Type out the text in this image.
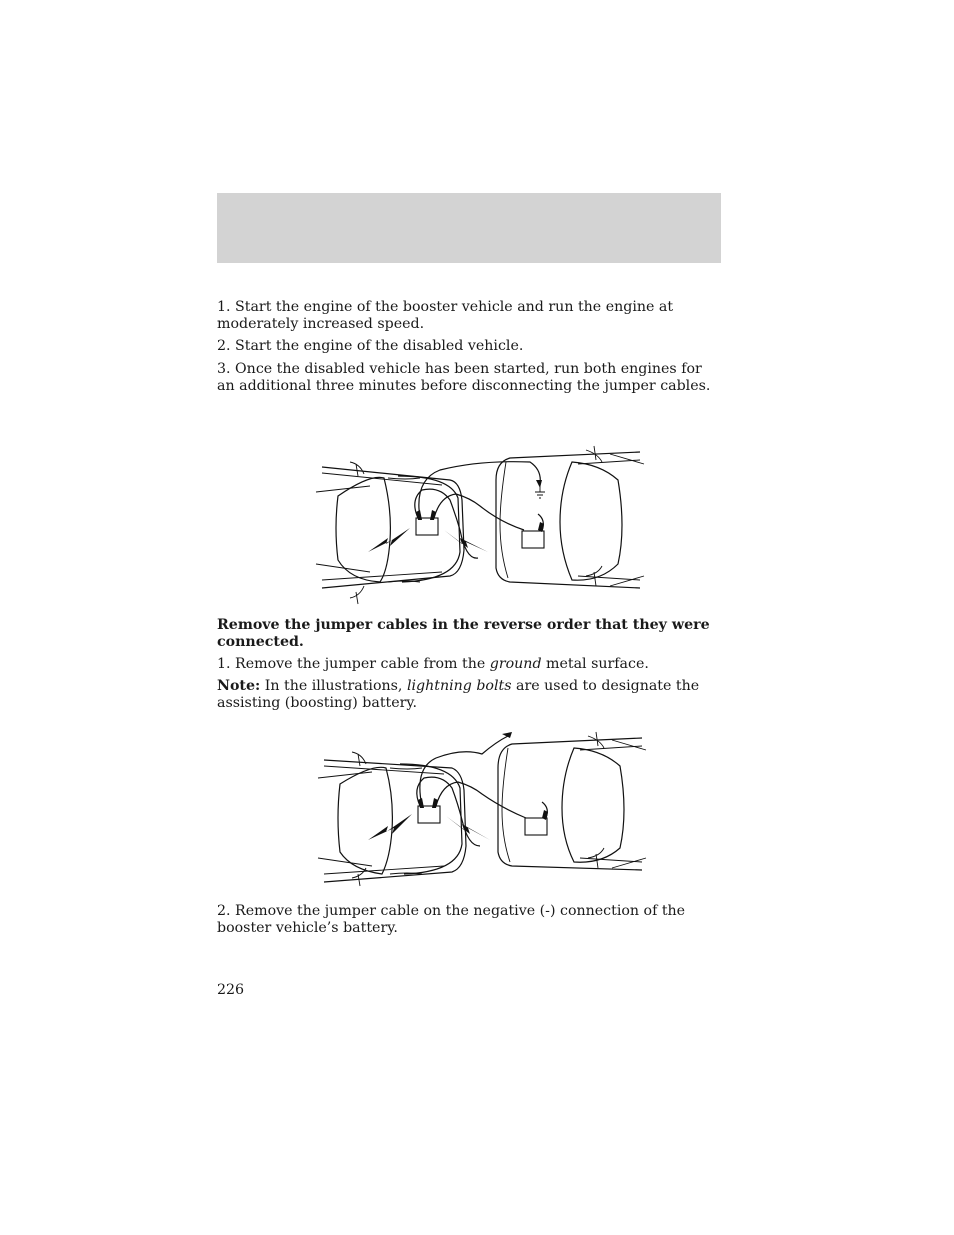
1. Start the engine of the booster vehicle and run the engine at moderately increased speed.

2. Start the engine of the disabled vehicle.

3. Once the disabled vehicle has been started, run both engines for an additional three minutes before disconnecting the jumper cables.

Remove the jumper cables in the reverse order that they were connected.

1. Remove the jumper cable from the ground metal surface.

Note: In the illustrations, lightning bolts are used to designate the assisting (boosting) battery.

2. Remove the jumper cable on the negative (-) connection of the booster vehicle’s battery.

226
